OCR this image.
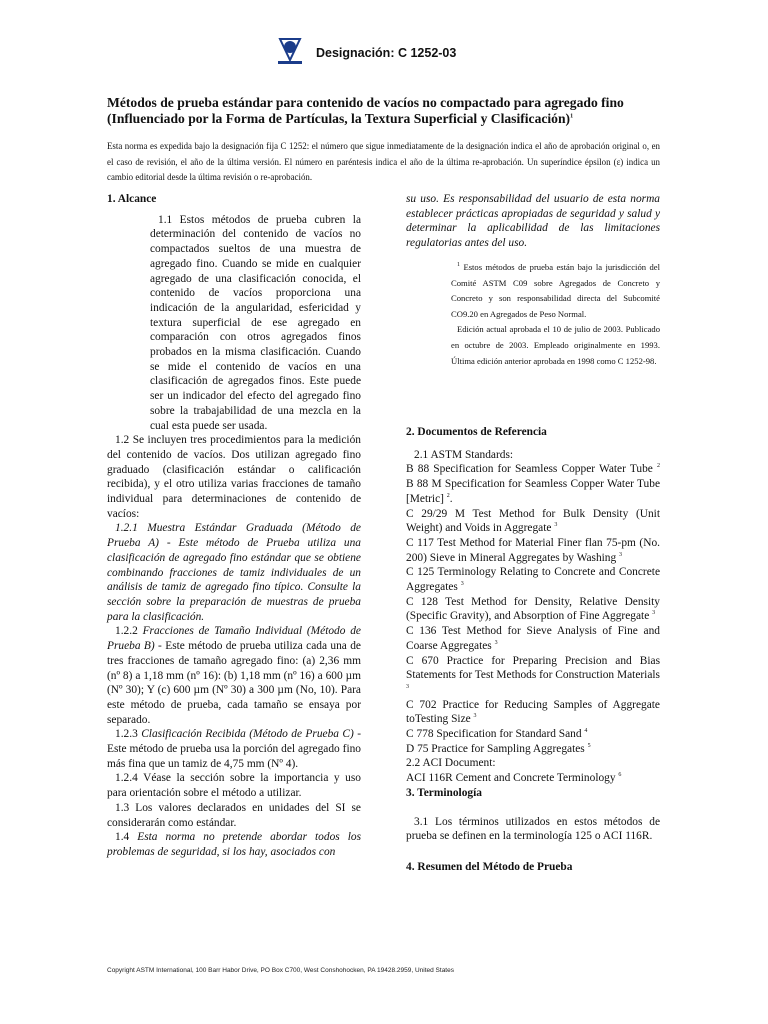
Designación: C 1252-03
Métodos de prueba estándar para contenido de vacíos no compactado para agregado fino (Influenciado por la Forma de Partículas, la Textura Superficial y Clasificación)$^1$

Esta norma es expedida bajo la designación fija C 1252: el número que sigue inmediatamente de la designación indica el año de aprobación original o, en el caso de revisión, el año de la última versión. El número en paréntesis indica el año de la última re-aprobación. Un superíndice épsilon (ε) indica un cambio editorial desde la última revisión o re-aprobación.

1. Alcance

1.1 Estos métodos de prueba cubren la determinación del contenido de vacíos no compactados sueltos de una muestra de agregado fino. Cuando se mide en cualquier agregado de una clasificación conocida, el contenido de vacíos proporciona una indicación de la angularidad, esfericidad y textura superficial de ese agregado en comparación con otros agregados finos probados en la misma clasificación. Cuando se mide el contenido de vacíos en una clasificación de agregados finos. Este puede ser un indicador del efecto del agregado fino sobre la trabajabilidad de una mezcla en la cual esta puede ser usada.

1.2 Se incluyen tres procedimientos para la medición del contenido de vacíos. Dos utilizan agregado fino graduado (clasificación estándar o calificación recibida), y el otro utiliza varias fracciones de tamaño individual para determinaciones de contenido de vacíos:

1.2.1 Muestra Estándar Graduada (Método de Prueba A) - Este método de Prueba utiliza una clasificación de agregado fino estándar que se obtiene combinando fracciones de tamiz individuales de un análisis de tamiz de agregado fino típico. Consulte la sección sobre la preparación de muestras de prueba para la clasificación.

1.2.2 Fracciones de Tamaño Individual (Método de Prueba B) - Este método de prueba utiliza cada una de tres fracciones de tamaño agregado fino: (a) 2,36 mm (nº 8) a 1,18 mm (nº 16): (b) 1,18 mm (nº 16) a 600 µm (Nº 30); Y (c) 600 µm (Nº 30) a 300 µm (No, 10). Para este método de prueba, cada tamaño se ensaya por separado.

1.2.3 Clasificación Recibida (Método de Prueba C) -Este método de prueba usa la porción del agregado fino más fina que un tamiz de 4,75 mm (Nº 4).

1.2.4 Véase la sección sobre la importancia y uso para orientación sobre el método a utilizar.

1.3 Los valores declarados en unidades del SI se considerarán como estándar.

1.4 Esta norma no pretende abordar todos los problemas de seguridad, si los hay, asociados con

su uso. Es responsabilidad del usuario de esta norma establecer prácticas apropiadas de seguridad y salud y determinar la aplicabilidad de las limitaciones regulatorias antes del uso.

$^1$ Estos métodos de prueba están bajo la jurisdicción del Comité ASTM C09 sobre Agregados de Concreto y Concreto y son responsabilidad directa del Subcomité CO9.20 en Agregados de Peso Normal.

Edición actual aprobada el 10 de julio de 2003. Publicado en octubre de 2003. Empleado originalmente en 1993. Última edición anterior aprobada en 1998 como C 1252-98.

2. Documentos de Referencia

2.1 ASTM Standards:

B 88 Specification for Seamless Copper Water Tube $^2$ B 88 M Specification for Seamless Copper Water Tube [Metric] $^2$.

C 29/29 M Test Method for Bulk Density (Unit Weight) and Voids in Aggregate $^3$

C 117 Test Method for Material Finer flan 75-pm (No. 200) Sieve in Mineral Aggregates by Washing $^3$

C 125 Terminology Relating to Concrete and Concrete Aggregates $^3$

C 128 Test Method for Density, Relative Density (Specific Gravity), and Absorption of Fine Aggregate $^3$

C 136 Test Method for Sieve Analysis of Fine and Coarse Aggregates $^3$

C 670 Practice for Preparing Precision and Bias Statements for Test Methods for Construction Materials $^3$

C 702 Practice for Reducing Samples of Aggregate toTesting Size $^3$

C 778 Specification for Standard Sand $^4$

D 75 Practice for Sampling Aggregates $^5$

2.2 ACI Document:

ACI 116R Cement and Concrete Terminology $^6$

3. Terminología

3.1 Los términos utilizados en estos métodos de prueba se definen en la terminología 125 o ACI 116R.

4. Resumen del Método de Prueba
Copyright ASTM International, 100 Barr Habor Drive, PO Box C700, West Conshohocken, PA 19428.2959, United States
